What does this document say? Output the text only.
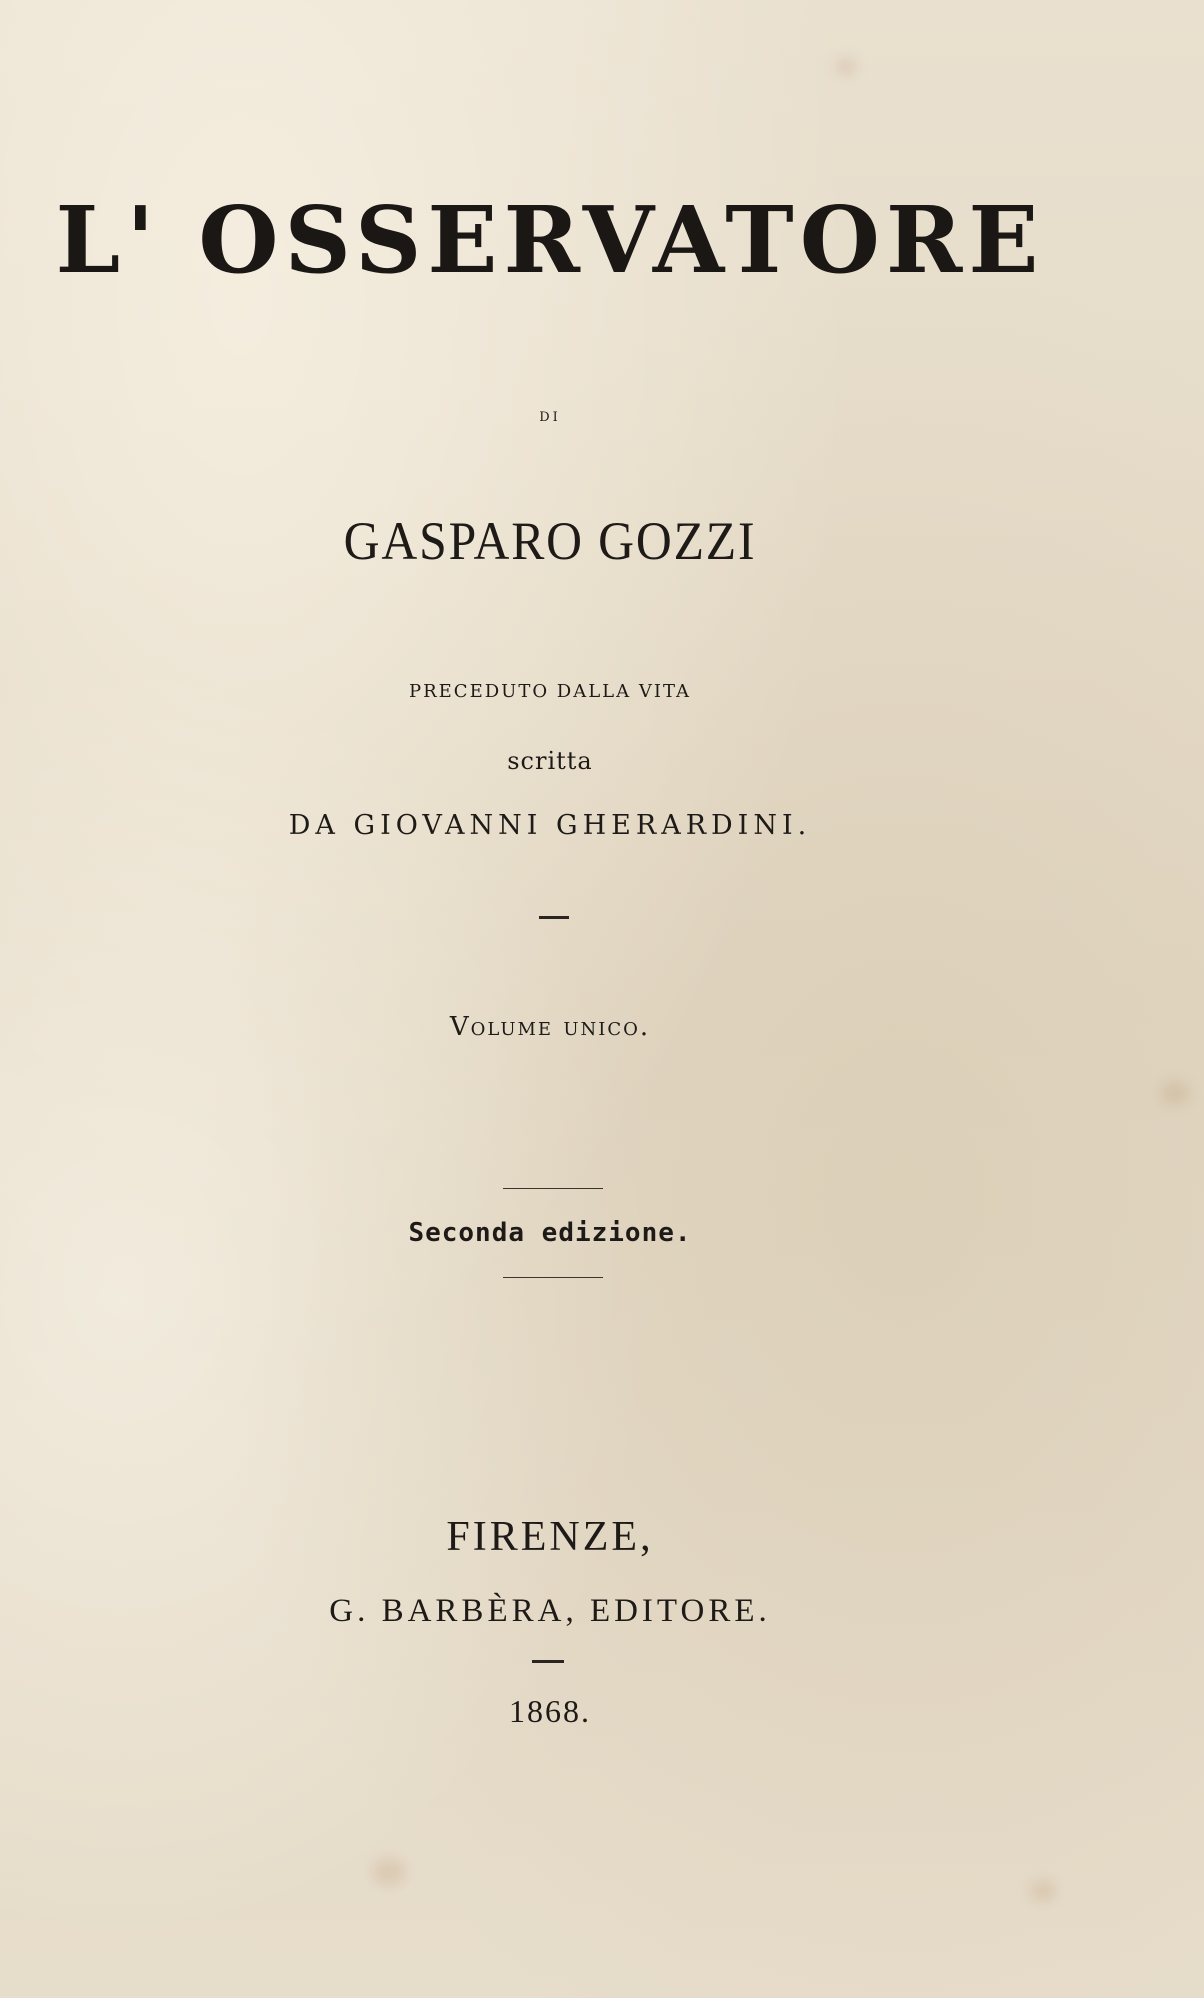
L' OSSERVATORE
di
GASPARO GOZZI
PRECEDUTO DALLA VITA
scritta
DA GIOVANNI GHERARDINI.
Volume unico.
Seconda edizione.
FIRENZE,
G. BARBÈRA, EDITORE.
1868.
